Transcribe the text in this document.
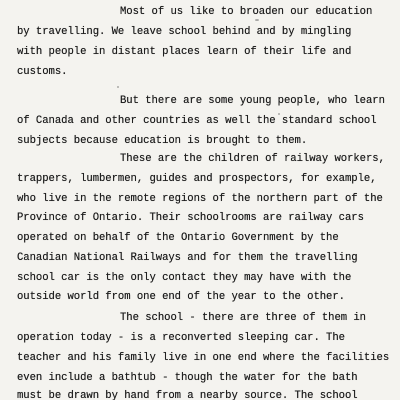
Most of us like to broaden our education

by travelling. We leave school behind and by mingling

with people in distant places learn of their life and

customs.

But there are some young people, who learn

of Canada and other countries as well the standard school

subjects because education is brought to them.

These are the children of railway workers,

trappers, lumbermen, guides and prospectors, for example,

who live in the remote regions of the northern part of the

Province of Ontario. Their schoolrooms are railway cars

operated on behalf of the Ontario Government by the

Canadian National Railways and for them the travelling

school car is the only contact they may have with the

outside world from one end of the year to the other.

The school - there are three of them in

operation today - is a reconverted sleeping car. The

teacher and his family live in one end where the facilities

even include a bathtub - though the water for the bath

must be drawn by hand from a nearby source. The school
